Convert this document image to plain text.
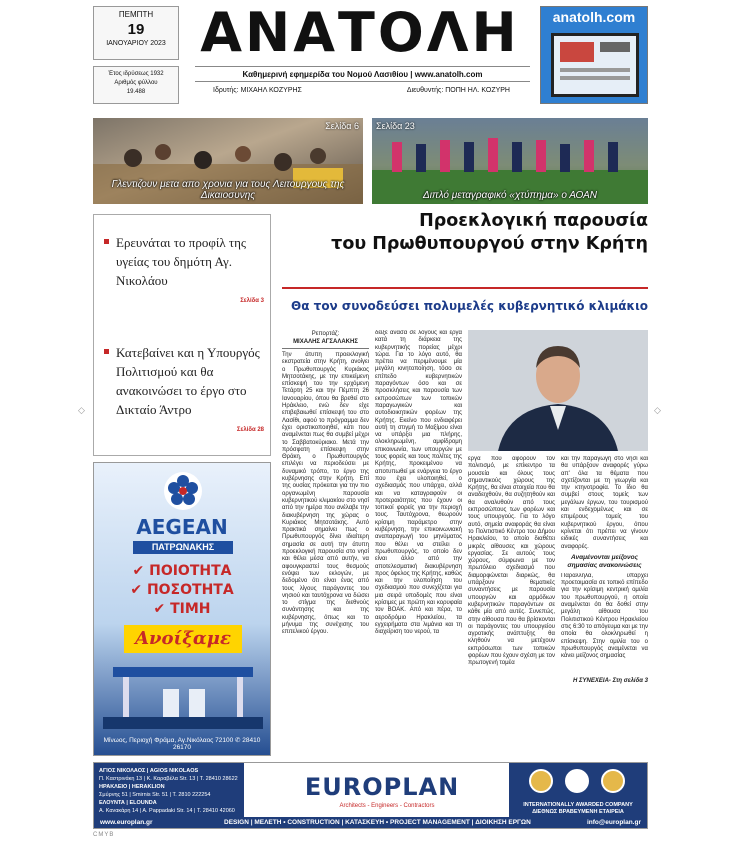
ΠΕΜΠΤΗ
19
ΙΑΝΟΥΑΡΙΟΥ 2023
Έτος ιδρύσεως 1932
Αριθμός φύλλου
19.488
ΑΝΑΤΟΛΗ
Καθημερινή εφημερίδα του Νομού Λασιθίου | www.anatolh.com
Ιδρυτής: ΜΙΧΑΗΛ ΚΟΖΥΡΗΣ	Διευθυντής: ΠΟΠΗ ΗΛ. ΚΟΖΥΡΗ
anatolh.com
Σελίδα 6
Γλεντιζουν μετα απο χρονια για τους Λειτουργους της Δικαιοσυνης
Σελίδα 23
Διπλό μεταγραφικό «χτύπημα» ο ΑΟΑΝ

Ερευνάται το προφίλ της υγείας του δημότη Αγ. Νικολάου

Σελίδα 3

Κατεβαίνει και η Υπουργός Πολιτισμού και θα ανακοινώσει το έργο στο Δικταίο Άντρο

Σελίδα 28
Προεκλογική παρουσία
του Πρωθυπουργού στην Κρήτη
Θα τον συνοδεύσει πολυμελές κυβερνητικό κλιμάκιο
Ρεπορτάζ:
ΜΙΧΑΛΗΣ ΑΓΣΑΛΑΚΗΣ
Την άτυπη προεκλογική εκστρατεία στην Κρήτη, ανοίγει ο Πρωθυπουργός Κυριάκος Μητσοτάκης, με την επικείμενη επίσκεψή του την ερχόμενη Τετάρτη 25 και την Πέμπτη 26 Ιανουαρίου, όπου θα βρεθεί στο Ηράκλειο, ενώ δεν είχε επιβεβαιωθεί επίσκεψή του στο Λασίθι, αφού το πρόγραμμα δεν έχει οριστικοποιηθεί, κάτι που αναμένεται πως θα συμβεί μέχρι το Σαββατοκύριακο. Μετά την πρόσφατη επίσκεψη στην Θράκη, ο Πρωθυπουργός επιλέγει να περιοδεύσει με δυναμικό τρόπο, το έργο της κυβέρνησης στην Κρήτη. Επί της ουσίας πρόκειται για την πιο οργανωμένη παρουσία κυβερνητικού κλιμακίου στο νησί από την ημέρα που ανέλαβε την διακυβέρνηση της χώρας ο Κυριάκος Μητσοτάκης. Αυτό πρακτικά σημαίνει πως ο Πρωθυπουργός δίνει ιδιαίτερη σημασία σε αυτή την άτυπη προεκλογική παρουσία στο νησί και θέλει μέσα από αυτήν, να αφουγκραστεί τους θεσμούς ενόψει των εκλογών, με δεδομένο ότι είναι ένας από τους λίγους παράγοντες του νησιού και ταυτόχρονα να δώσει το στίγμα της διεθνούς συνάντησης και της κυβέρνησης, όπως και το μήνυμα της συνέχισης του επιτελικού έργου.
δείξε ανάσα σε λόγους και έργα κατά τη διάρκεια της κυβερνητικής πορείας μέχρι τώρα. Για το λόγο αυτό, θα πρέπει να περιμένουμε μία μεγάλη κινητοποίηση, τόσο σε επίπεδο κυβερνητικών παραγόντων όσο και σε προσκλήσεις και παρουσία των εκπροσώπων των τοπικών παραγωγικών και αυτοδιοικητικών φορέων της Κρήτης. Εκείνο που ενδιαφέρει αυτή τη στιγμή το Μαξίμου είναι να υπάρξει μια πλήρης, ολοκληρωμένη, αμφίδρομη επικοινωνία, των υπουργών με τους φορείς και τους πολίτες της Κρήτης, προκειμένου να αποτυπωθεί με ενάργεια το έργο που έχει υλοποιηθεί, ο σχεδιασμός που υπάρχει, αλλά και να καταγραφούν οι προτεραιότητες που έχουν οι τοπικοί φορείς για την περιοχή τους. Ταυτόχρονα, θεωρούν κρίσιμη παράμετρο στην κυβέρνηση, την επικοινωνιακή αναπαραγωγή του μηνύματος που θέλει να στείλει ο πρωθυπουργός, το οποίο δεν είναι άλλο από την αποτελεσματική διακυβέρνηση προς όφελος της Κρήτης, καθώς και την υλοποίηση του σχεδιασμού που συνεχίζεται για μια σειρά υποδομές που είναι κρίσιμες με πρώτη και κορυφαία τον ΒΟΑΚ. Από και πέρα, το αεροδρόμιο Ηρακλείου, τα εγχειρήματα στα λιμάνια και τη διαχείριση του νερού, τα
έργα που αφορούν τον πολιτισμό, με επίκεντρο τα μουσεία και όλους τους σημαντικούς χώρους της Κρήτης, θα είναι στοιχεία που θα αναδειχθούν, θα συζητηθούν και θα αναλυθούν από τους εκπροσώπους των φορέων και τους υπουργούς. Για το λόγο αυτό, σημεία αναφοράς θα είναι το Πολιτιστικό Κέντρο του Δήμου Ηρακλείου, το οποίο διαθέτει μικρές αίθουσες και χώρους εργασίας. Σε αυτούς τους χώρους, σύμφωνα με τον πρωτόλειο σχεδιασμό που διαμορφώνεται διαρκώς, θα υπάρξουν θεματικές συναντήσεις με παρουσία υπουργών και αρμόδιων κυβερνητικών παραγόντων σε κάθε μία από αυτές. Συνεπώς, στην αίθουσα που θα βρίσκονται οι παράγοντες του υπουργείου αγροτικής ανάπτυξης θα κληθούν να μετέχουν εκπρόσωποι των τοπικών φορέων που έχουν σχέση με τον πρωτογενή τομέα
και την παραγωγή στο νησί και θα υπάρξουν αναφορές γύρω απ' όλα τα θέματα που σχετίζονται με τη γεωργία και την κτηνοτροφία. Το ίδιο θα συμβεί στους τομείς των μεγάλων έργων, του τουρισμού και ενδεχομένως και σε επιμέρους τομείς του κυβερνητικού έργου, όπου κρίνεται ότι πρέπει να γίνουν ειδικές συναντήσεις και αναφορές.
Αναμένονται μείζονος σημασίας ανακοινώσεις
Παράλληλα, υπάρχει προετοιμασία σε τοπικό επίπεδο για την κρίσιμη κεντρική ομιλία του πρωθυπουργού, η οποία αναμένεται ότι θα δοθεί στην μεγάλη αίθουσα του Πολιτιστικού Κέντρου Ηρακλείου στις 6:30 το απόγευμα και με την οποία θα ολοκληρωθεί η επίσκεψη. Στην ομιλία του ο πρωθυπουργός αναμένεται να κάνει μείζονος σημασίας
Η ΣΥΝΕΧΕΙΑ- Στη σελίδα 3
AEGEAN
ΠΑΤΡΩΝΑΚΗΣ
✔ ΠΟΙΟΤΗΤΑ
✔ ΠΟΣΟΤΗΤΑ
✔ ΤΙΜΗ
Ανοίξαμε
Μίνωος, Περιοχή Φράμα, Αγ.Νικόλαος 72100 ✆ 28410 26170
ΑΓΙΟΣ ΝΙΚΟΛΑΟΣ | AGIOS NIKOLAOS
Π. Καστρινάκη 13 | Κ. Καραβέλα Str. 13 | Τ. 28410 28622
ΗΡΑΚΛΕΙΟ | HERAKLION
Σμύρνης 51 | Smirnis Str. 51 | Τ. 2810 222254
ΕΛΟΥΝΤΑ | ELOUNDA
Α. Κανακάρη 14 | Α. Pappadaki Str. 14 | Τ. 28410 42060
EUROPLAN
Architects - Engineers - Contractors	INTERNATIONALLY AWARDED COMPANY
ΔΙΕΘΝΩΣ ΒΡΑΒΕΥΜΕΝΗ ΕΤΑΙΡΕΙΑ
www.europlan.gr	DESIGN | ΜΕΛΕΤΗ • CONSTRUCTION | ΚΑΤΑΣΚΕΥΗ • PROJECT MANAGEMENT | ΔΙΟΙΚΗΣΗ ΕΡΓΩΝ	info@europlan.gr
CMYB
◇	◇
